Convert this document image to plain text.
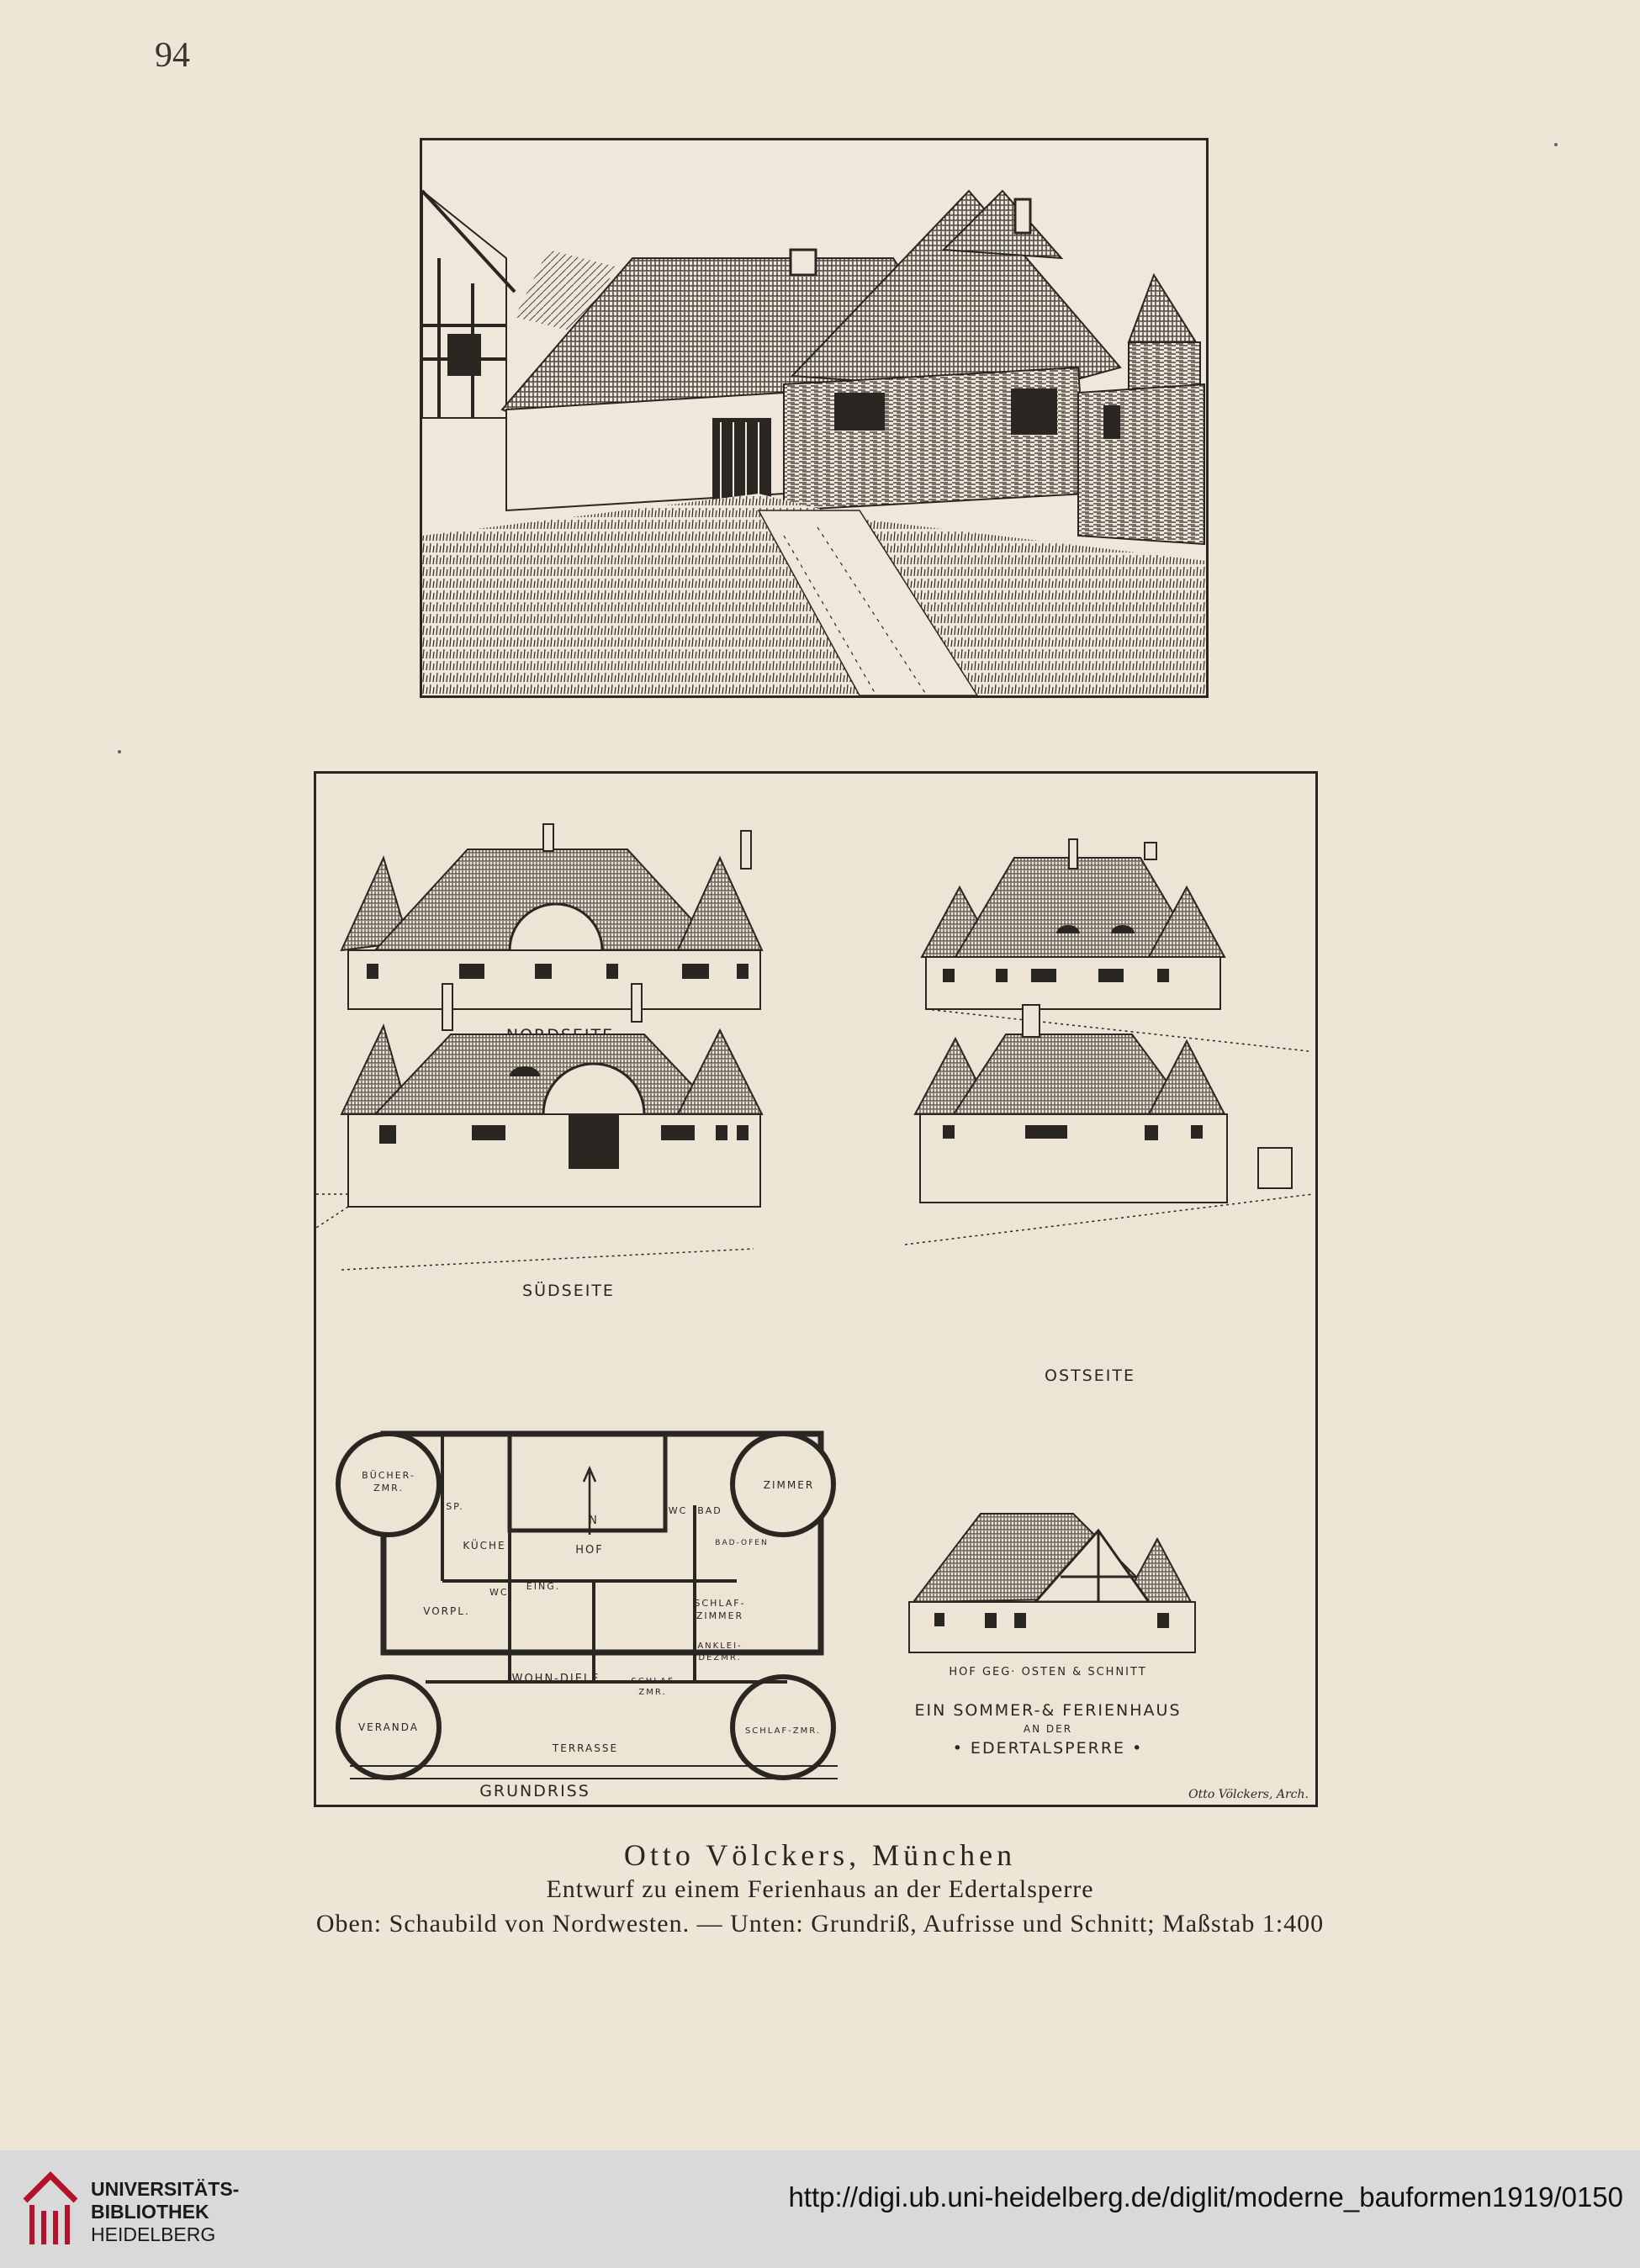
94
SÜDSEITE
OSTSEITE
BÜCHER-
ZMR.	ZIMMER
SP.
KÜCHE
N
HOF
WC BAD
BAD-OFEN
WC·
EING.
VORPL.
SCHLAF-
ZIMMER
ANKLEI-
DEZMR.
WOHN-DIELE	SCHLAF
ZMR.
VERANDA	SCHLAF-ZMR.
TERRASSE
GRUNDRISS
HOF GEG· OSTEN & SCHNITT
EIN SOMMER-& FERIENHAUS
AN DER
• EDERTALSPERRE •
Otto Völckers, Arch.
Otto Völckers, München
Entwurf zu einem Ferienhaus an der Edertalsperre
Oben: Schaubild von Nordwesten. — Unten: Grundriß, Aufrisse und Schnitt; Maßstab 1:400
UNIVERSITÄTS-
BIBLIOTHEK
HEIDELBERG
http://digi.ub.uni-heidelberg.de/diglit/moderne_bauformen1919/0150
